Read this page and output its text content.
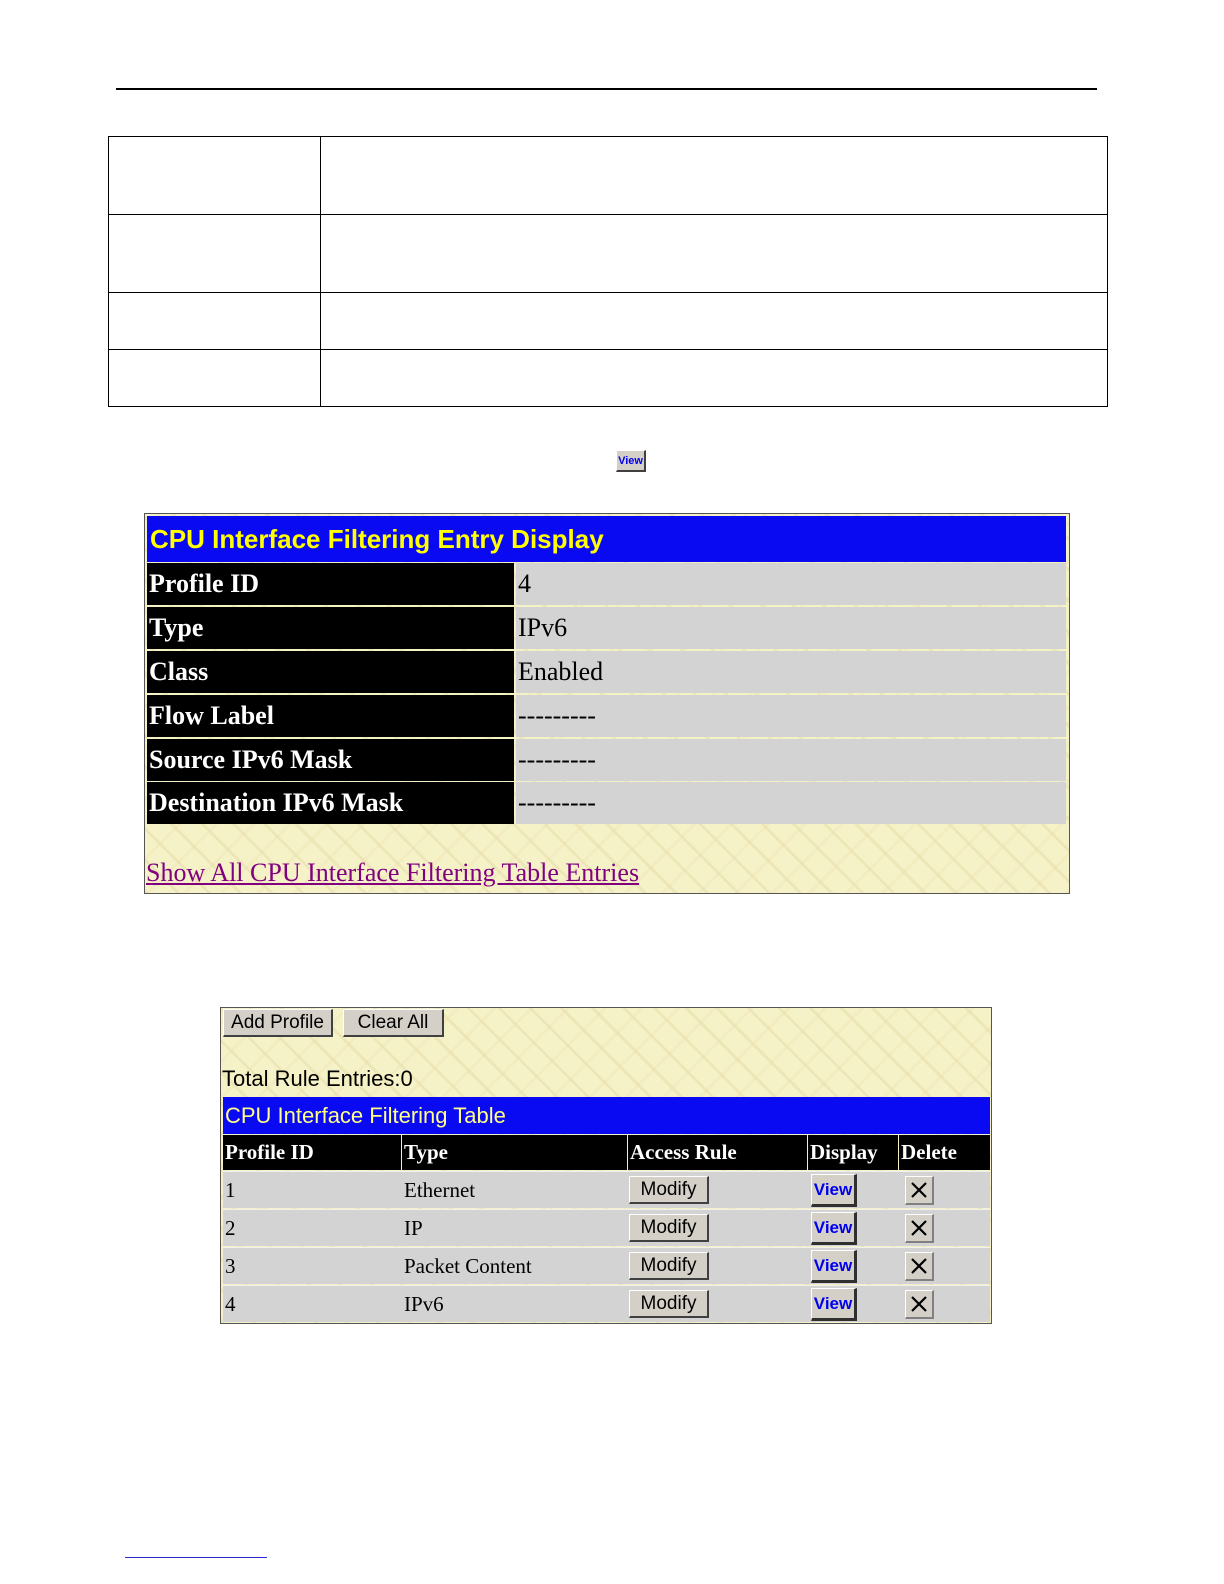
View
CPU Interface Filtering Entry Display
Profile ID	4
Type	IPv6
Class	Enabled
Flow Label	---------
Source IPv6 Mask	---------
Destination IPv6 Mask	---------
Show All CPU Interface Filtering Table Entries
Add Profile	Clear All
Total Rule Entries:0
CPU Interface Filtering Table
Profile ID	Type	Access Rule	Display	Delete
1	Ethernet	Modify	View
2	IP	Modify	View
3	Packet Content	Modify	View
4	IPv6	Modify	View
